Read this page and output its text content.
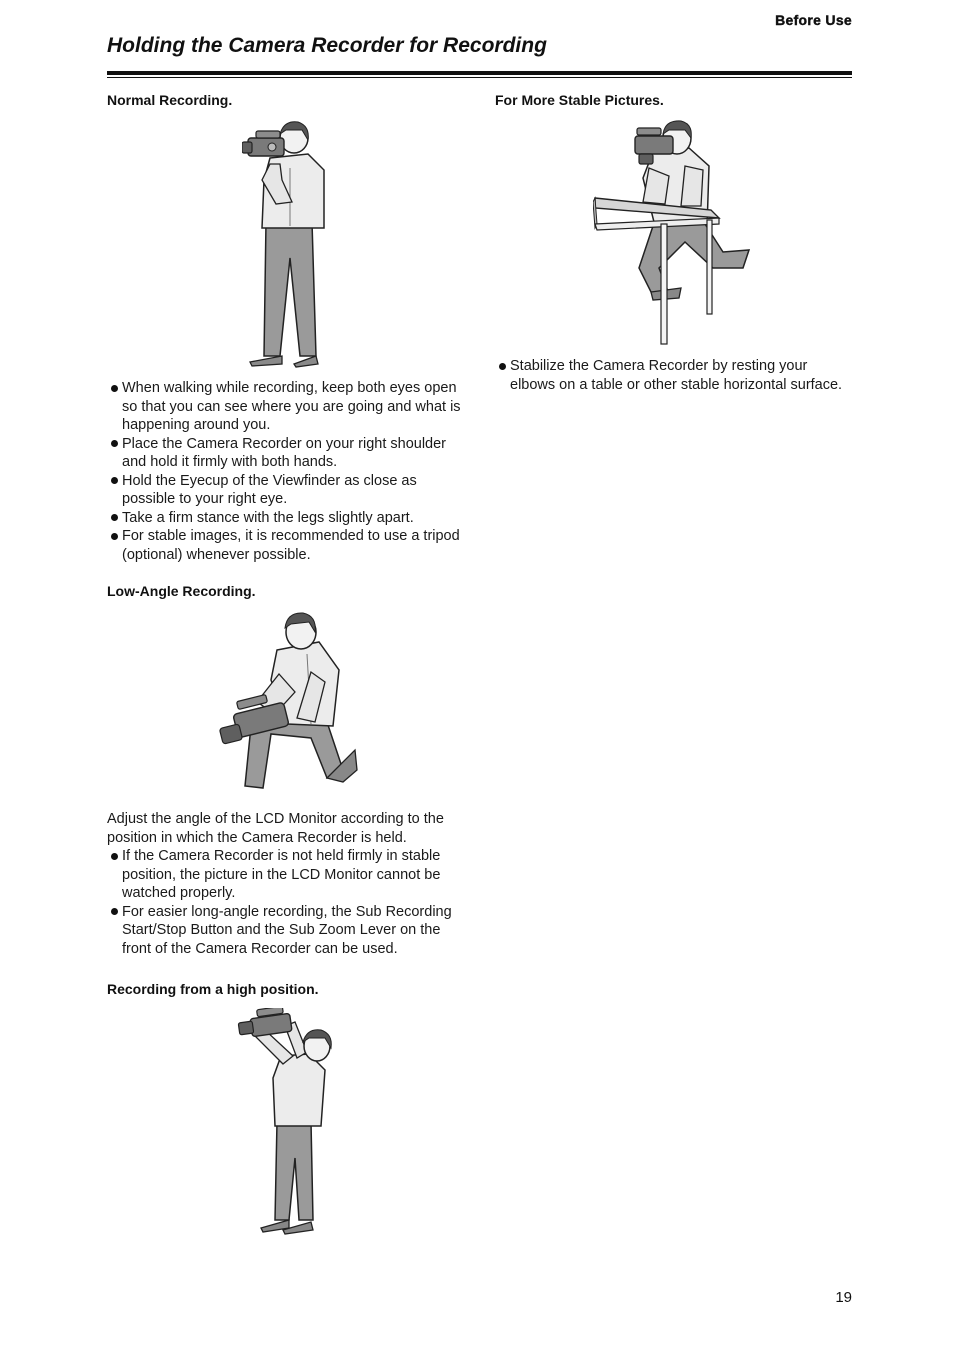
Before Use
Holding the Camera Recorder for Recording
Normal Recording.
When walking while recording, keep both eyes open so that you can see where you are going and what is happening around you.
Place the Camera Recorder on your right shoulder and hold it firmly with both hands.
Hold the Eyecup of the Viewfinder as close as possible to your right eye.
Take a firm stance with the legs slightly apart.
For stable images, it is recommended to use a tripod (optional) whenever possible.
Low-Angle Recording.

Adjust the angle of the LCD Monitor according to the position in which the Camera Recorder is held.

If the Camera Recorder is not held firmly in stable position, the picture in the LCD Monitor cannot be watched properly.
For easier long-angle recording, the Sub Recording Start/Stop Button and the Sub Zoom Lever on the front of the Camera Recorder can be used.
Recording from a high position.
For More Stable Pictures.
Stabilize the Camera Recorder by resting your elbows on a table or other stable horizontal surface.
19
